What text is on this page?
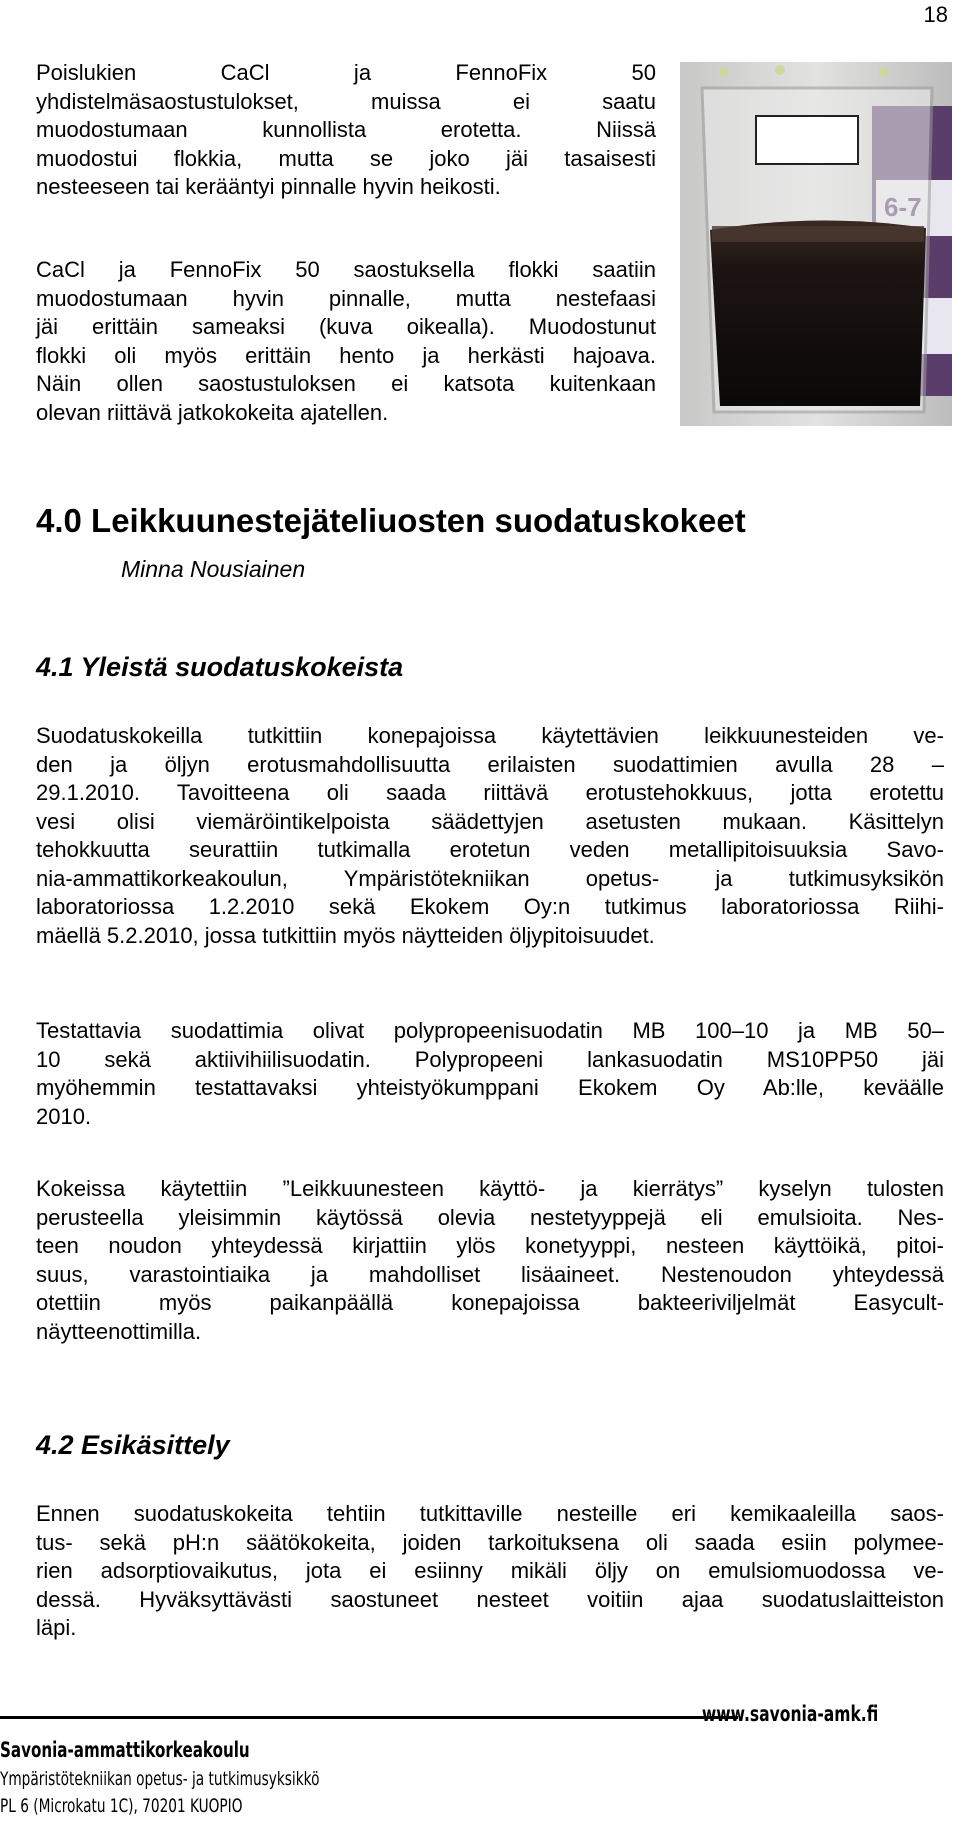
18
Poislukien CaCl ja FennoFix 50
yhdistelmäsaostustulokset, muissa ei saatu
muodostumaan kunnollista erotetta. Niissä
muodostui flokkia, mutta se joko jäi tasaisesti
nesteeseen tai kerääntyi pinnalle hyvin heikosti.
CaCl ja FennoFix 50 saostuksella flokki saatiin
muodostumaan hyvin pinnalle, mutta nestefaasi
jäi erittäin sameaksi (kuva oikealla). Muodostunut
flokki oli myös erittäin hento ja herkästi hajoava.
Näin ollen saostustuloksen ei katsota kuitenkaan
olevan riittävä jatkokokeita ajatellen.
4.0 Leikkuunestejäteliuosten suodatuskokeet

Minna Nousiainen

4.1 Yleistä suodatuskokeista
Suodatuskokeilla tutkittiin konepajoissa käytettävien leikkuunesteiden ve-
den ja öljyn erotusmahdollisuutta erilaisten suodattimien avulla 28 –
29.1.2010. Tavoitteena oli saada riittävä erotustehokkuus, jotta erotettu
vesi olisi viemäröintikelpoista säädettyjen asetusten mukaan. Käsittelyn
tehokkuutta seurattiin tutkimalla erotetun veden metallipitoisuuksia Savo-
nia-ammattikorkeakoulun, Ympäristötekniikan opetus- ja tutkimusyksikön
laboratoriossa 1.2.2010 sekä Ekokem Oy:n tutkimus laboratoriossa Riihi-
mäellä 5.2.2010, jossa tutkittiin myös näytteiden öljypitoisuudet.
Testattavia suodattimia olivat polypropeenisuodatin MB 100–10 ja MB 50–
10 sekä aktiivihiilisuodatin. Polypropeeni lankasuodatin MS10PP50 jäi
myöhemmin testattavaksi yhteistyökumppani Ekokem Oy Ab:lle, keväälle
2010.
Kokeissa käytettiin ”Leikkuunesteen käyttö- ja kierrätys” kyselyn tulosten
perusteella yleisimmin käytössä olevia nestetyyppejä eli emulsioita. Nes-
teen noudon yhteydessä kirjattiin ylös konetyyppi, nesteen käyttöikä, pitoi-
suus, varastointiaika ja mahdolliset lisäaineet. Nestenoudon yhteydessä
otettiin myös paikanpäällä konepajoissa bakteeriviljelmät Easycult-
näytteenottimilla.
4.2 Esikäsittely
Ennen suodatuskokeita tehtiin tutkittaville nesteille eri kemikaaleilla saos-
tus- sekä pH:n säätökokeita, joiden tarkoituksena oli saada esiin polymee-
rien adsorptiovaikutus, jota ei esiinny mikäli öljy on emulsiomuodossa ve-
dessä. Hyväksyttävästi saostuneet nesteet voitiin ajaa suodatuslaitteiston
läpi.
www.savonia-amk.fi

Savonia-ammattikorkeakoulu

Ympäristötekniikan opetus- ja tutkimusyksikkö

PL 6 (Microkatu 1C), 70201 KUOPIO
